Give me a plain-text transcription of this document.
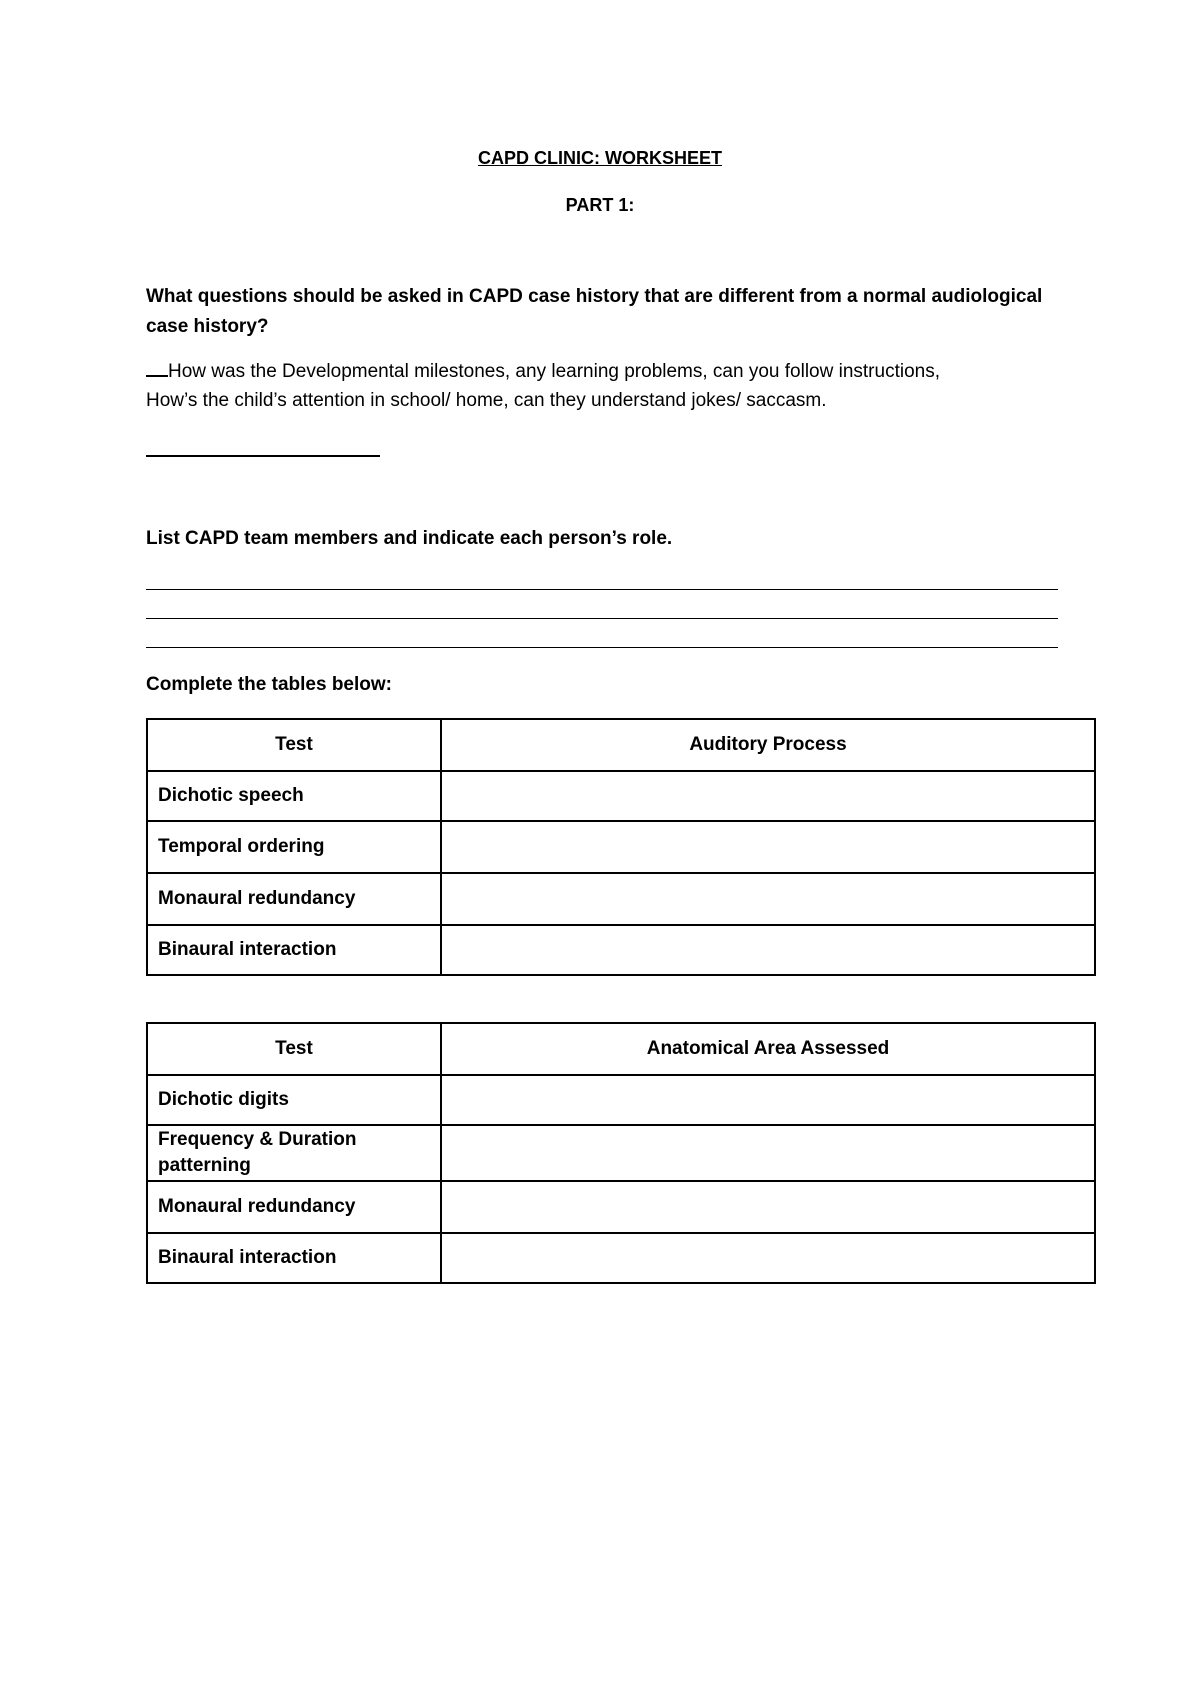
CAPD CLINIC: WORKSHEET
PART 1:
What questions should be asked in CAPD case history that are different from a normal audiological case history?
How was the Developmental milestones, any learning problems, can you follow instructions,
How’s the child’s attention in school/ home, can they understand jokes/ saccasm.
List CAPD team members and indicate each person’s role.
Complete the tables below:
Test	Auditory Process
Dichotic speech	
Temporal ordering	
Monaural redundancy	
Binaural interaction	
Test	Anatomical Area Assessed
Dichotic digits	
Frequency & Duration patterning	
Monaural redundancy	
Binaural interaction	
